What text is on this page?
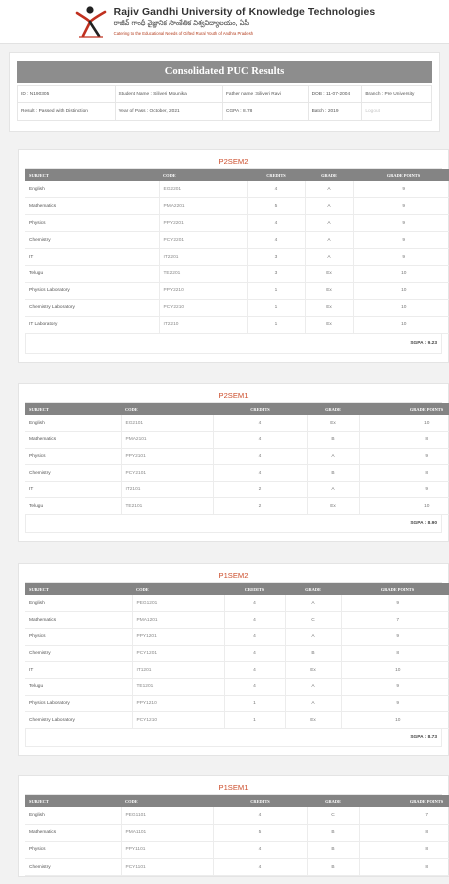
Rajiv Gandhi University of Knowledge Technologies
రాజీవ్ గాంధీ వైజ్ఞానిక సాంకేతిక విశ్వవిద్యాలయం, ఏపీ
Catering to the Educational Needs of Gifted Rural Youth of Andhra Pradesh
Consolidated PUC Results
ID : N190305	Student Name : Siliveri Mounika	Father name :Siliveri Ravi	DOB : 11-07-2004	Branch : Pre University
Result : Passed with Distinction	Year of Pass : October, 2021	CGPA : 8.78	Batch : 2019	Logout
P2SEM2
SUBJECT	CODE	CREDITS	GRADE	GRADE POINTS
English	EG2201	4	A	9
Mathematics	PMA2201	5	A	9
Physics	PPY2201	4	A	9
Chemistry	PCY2201	4	A	9
IT	IT2201	3	A	9
Telugu	TE2201	3	Ex	10
Physics Laboratory	PPY2210	1	Ex	10
Chemistry Laboratory	PCY2210	1	Ex	10
IT Laboratory	IT2210	1	Ex	10
SGPA : 9.23
P2SEM1
SUBJECT	CODE	CREDITS	GRADE	GRADE POINTS
English	EG2101	4	Ex	10
Mathematics	PMA2101	4	B	8
Physics	PPY2101	4	A	9
Chemistry	PCY2101	4	B	8
IT	IT2101	2	A	9
Telugu	TE2101	2	Ex	10
SGPA : 8.90
P1SEM2
SUBJECT	CODE	CREDITS	GRADE	GRADE POINTS
English	PEG1201	4	A	9
Mathematics	PMA1201	4	C	7
Physics	PPY1201	4	A	9
Chemistry	PCY1201	4	B	8
IT	IT1201	4	Ex	10
Telugu	TE1201	4	A	9
Physics Laboratory	PPY1210	1	A	9
Chemistry Laboratory	PCY1210	1	Ex	10
SGPA : 8.73
P1SEM1
SUBJECT	CODE	CREDITS	GRADE	GRADE POINTS
English	PEG1101	4	C	7
Mathematics	PMA1101	5	B	8
Physics	PPY1101	4	B	8
Chemistry	PCY1101	4	B	8
